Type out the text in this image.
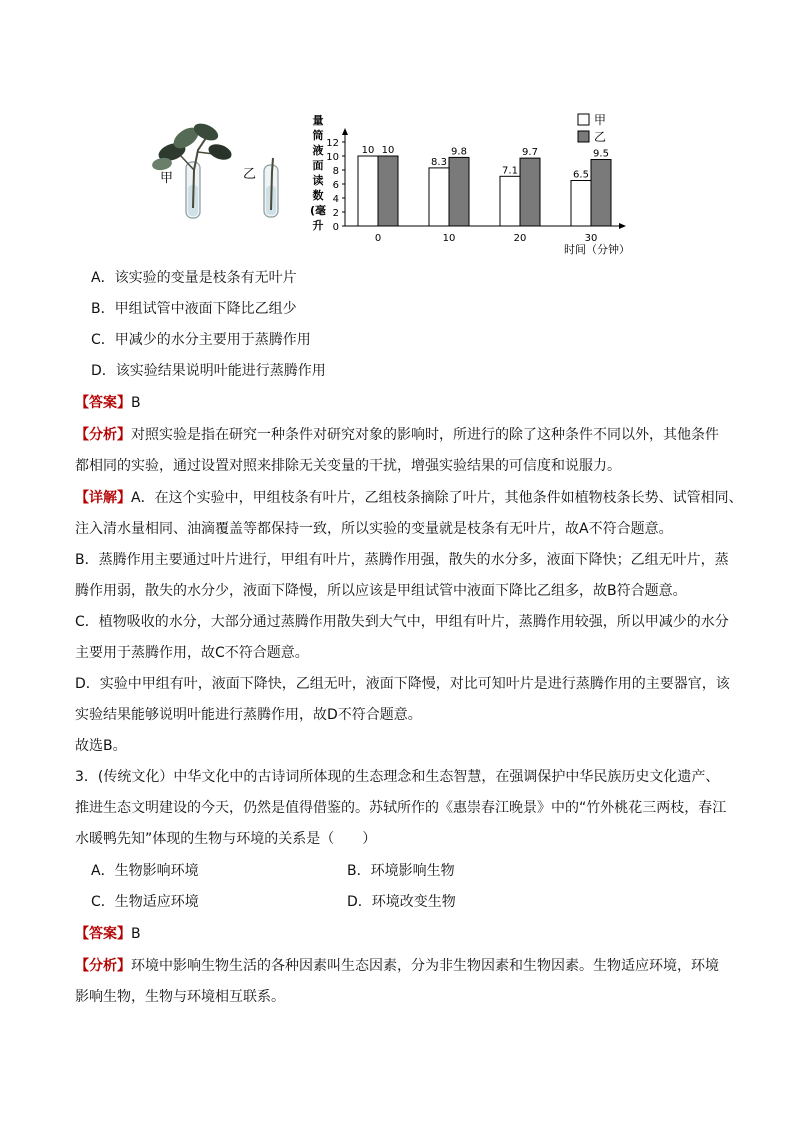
甲	乙
量
筒
液
面
读
数
(毫
升 0
2
4
6
8
10
12
10 10
0
8.3
9.8
10
7.1
9.7
20
6.5
9.5
30
时间（分钟）
甲
乙
A．该实验的变量是枝条有无叶片
B．甲组试管中液面下降比乙组少
C．甲减少的水分主要用于蒸腾作用
D．该实验结果说明叶能进行蒸腾作用
【答案】B
【分析】对照实验是指在研究一种条件对研究对象的影响时，所进行的除了这种条件不同以外，其他条件
都相同的实验，通过设置对照来排除无关变量的干扰，增强实验结果的可信度和说服力。
【详解】A．在这个实验中，甲组枝条有叶片，乙组枝条摘除了叶片，其他条件如植物枝条长势、试管相同、
注入清水量相同、油滴覆盖等都保持一致，所以实验的变量就是枝条有无叶片，故A不符合题意。
B．蒸腾作用主要通过叶片进行，甲组有叶片，蒸腾作用强，散失的水分多，液面下降快；乙组无叶片，蒸
腾作用弱，散失的水分少，液面下降慢，所以应该是甲组试管中液面下降比乙组多，故B符合题意。
C．植物吸收的水分，大部分通过蒸腾作用散失到大气中，甲组有叶片，蒸腾作用较强，所以甲减少的水分
主要用于蒸腾作用，故C不符合题意。
D．实验中甲组有叶，液面下降快，乙组无叶，液面下降慢，对比可知叶片是进行蒸腾作用的主要器官，该
实验结果能够说明叶能进行蒸腾作用，故D不符合题意。
故选B。
3．(传统文化）中华文化中的古诗词所体现的生态理念和生态智慧，在强调保护中华民族历史文化遗产、
推进生态文明建设的今天，仍然是值得借鉴的。苏轼所作的《惠崇春江晚景》中的“竹外桃花三两枝，春江
水暖鸭先知”体现的生物与环境的关系是（　　）
A．生物影响环境	B．环境影响生物
C．生物适应环境	D．环境改变生物
【答案】B
【分析】环境中影响生物生活的各种因素叫生态因素，分为非生物因素和生物因素。生物适应环境，环境
影响生物，生物与环境相互联系。
